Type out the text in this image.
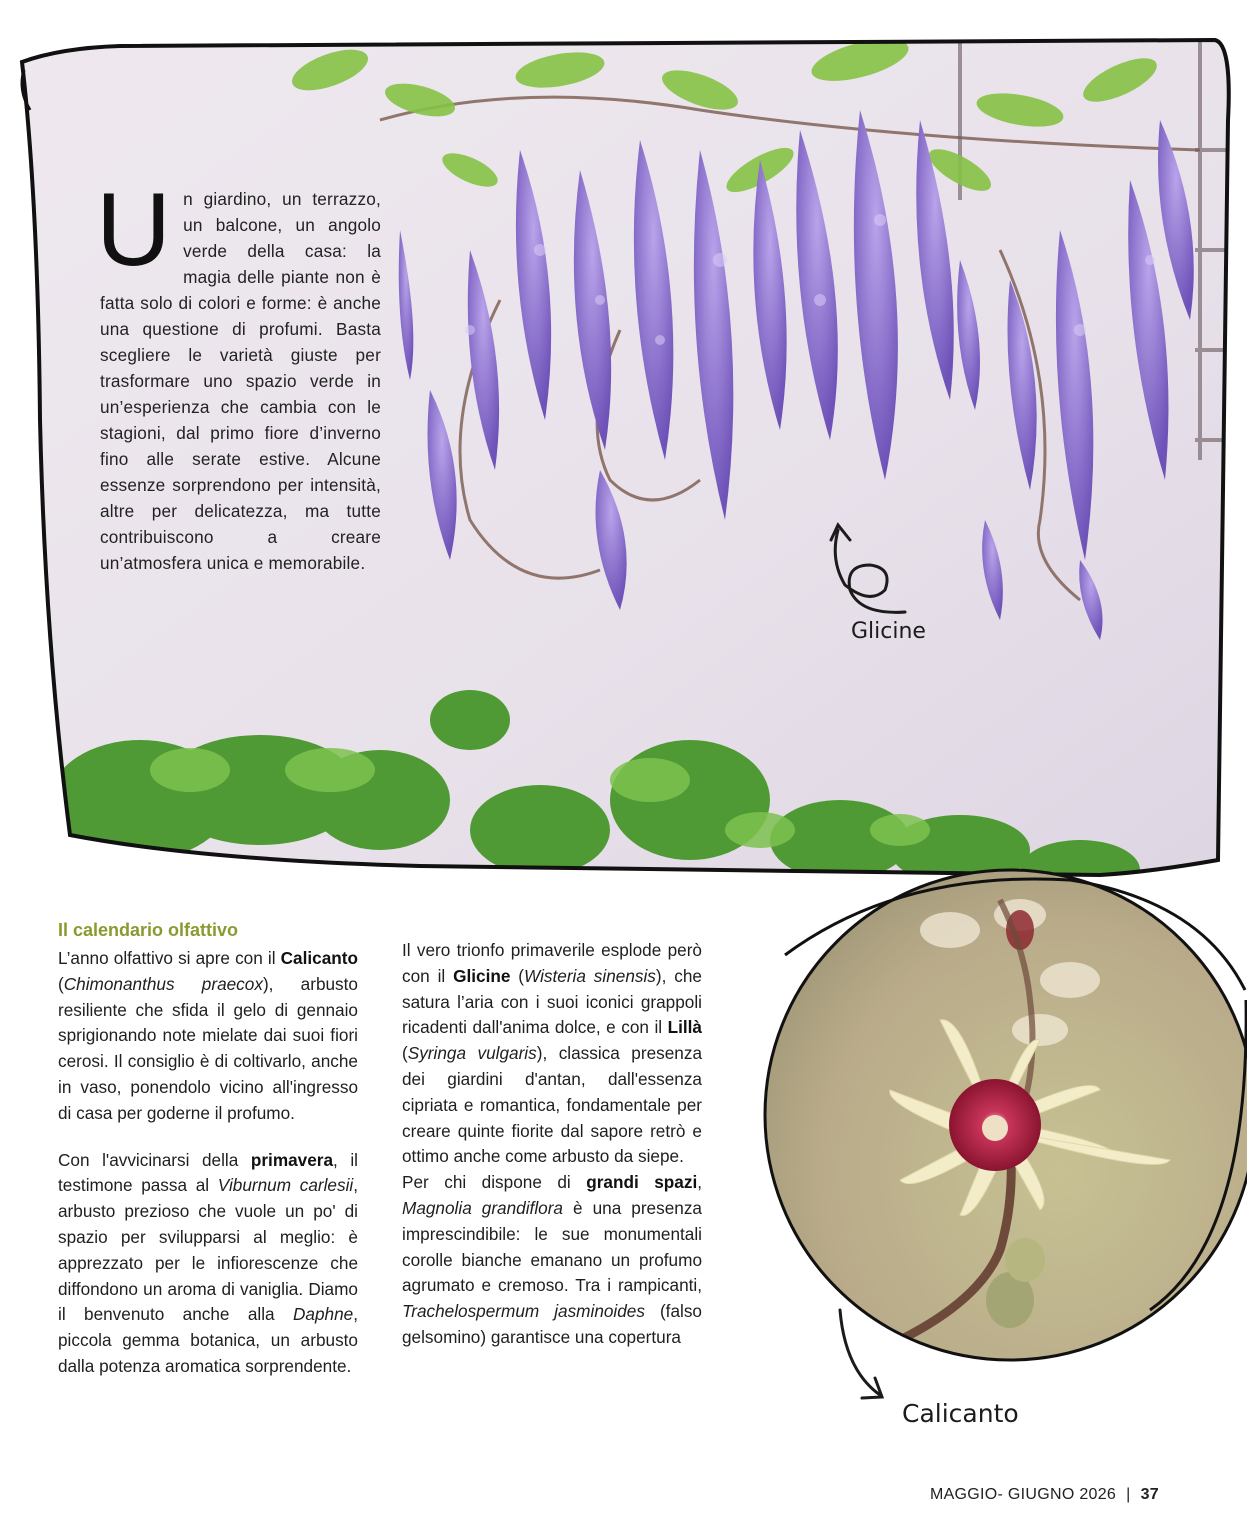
Un giardino, un terrazzo, un balcone, un angolo verde della casa: la magia delle piante non è fatta solo di colori e forme: è anche una questione di profumi. Basta scegliere le varietà giuste per trasformare uno spazio verde in un’esperienza che cambia con le stagioni, dal primo fiore d’inverno fino alle serate estive. Alcune essenze sorprendono per intensità, altre per delicatezza, ma tutte contribuiscono a creare un’atmosfera unica e memorabile.
Glicine
Il calendario olfattivo

L’anno olfattivo si apre con il Calicanto (Chimonanthus praecox), arbusto resiliente che sfida il gelo di gennaio sprigionando note mielate dai suoi fiori cerosi. Il consiglio è di coltivarlo, anche in vaso, ponendolo vicino all'ingresso di casa per goderne il profumo.

Con l'avvicinarsi della primavera, il testimone passa al Viburnum carlesii, arbusto prezioso che vuole un po' di spazio per svilupparsi al meglio: è apprezzato per le infiorescenze che diffondono un aroma di vaniglia. Diamo il benvenuto anche alla Daphne, piccola gemma botanica, un arbusto dalla potenza aromatica sorprendente.

Il vero trionfo primaverile esplode però con il Glicine (Wisteria sinensis), che satura l’aria con i suoi iconici grappoli ricadenti dall'anima dolce, e con il Lillà (Syringa vulgaris), classica presenza dei giardini d'antan, dall'essenza cipriata e romantica, fondamentale per creare quinte fiorite dal sapore retrò e ottimo anche come arbusto da siepe.

Per chi dispone di grandi spazi, Magnolia grandiflora è una presenza imprescindibile: le sue monumentali corolle bianche emanano un profumo agrumato e cremoso. Tra i rampicanti, Trachelospermum jasminoides (falso gelsomino) garantisce una copertura

Calicanto
MAGGIO- GIUGNO 2026 | 37
